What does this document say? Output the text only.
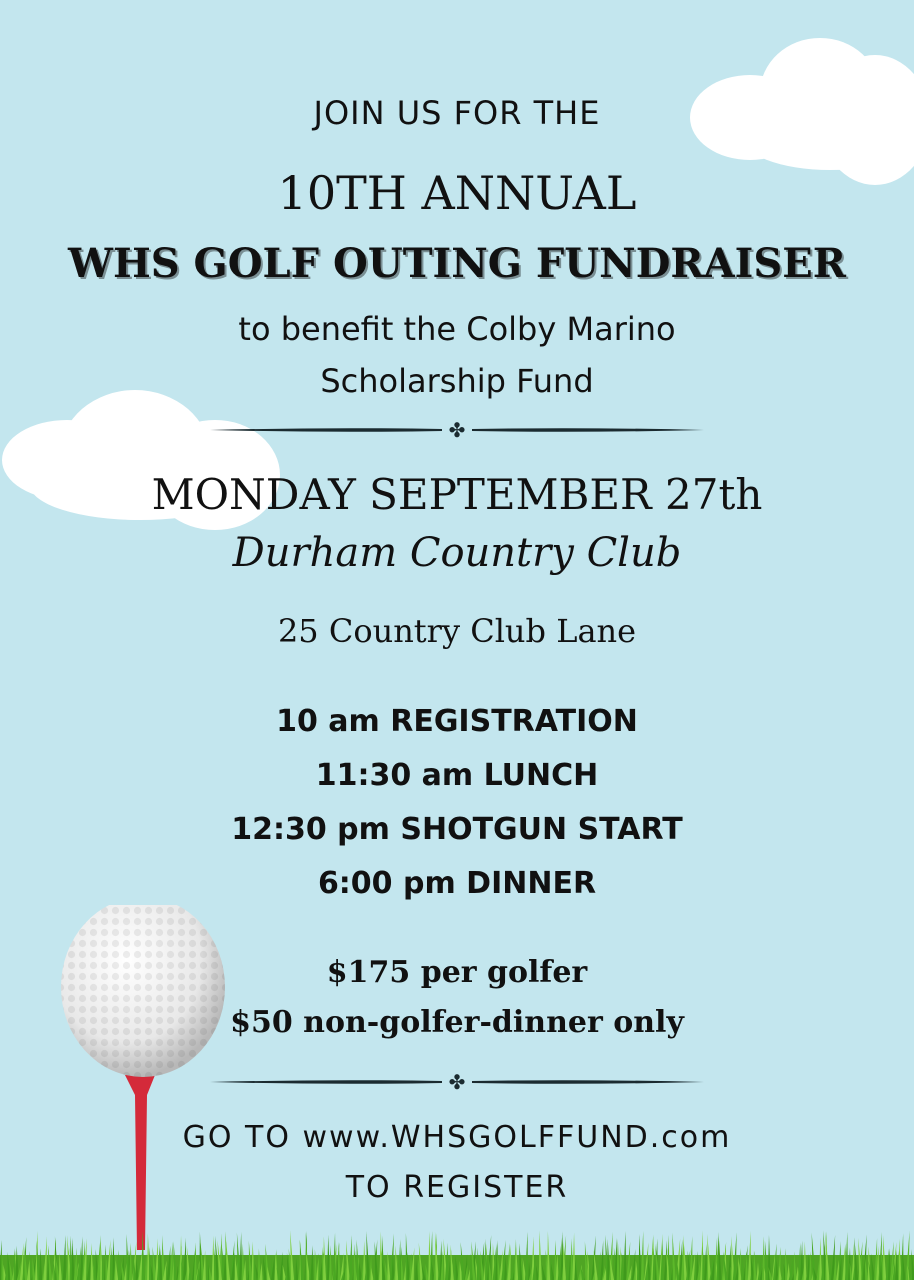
JOIN US FOR THE
10TH ANNUAL
WHS GOLF OUTING FUNDRAISER
to benefit the Colby Marino
Scholarship Fund
✤
MONDAY SEPTEMBER 27th
Durham Country Club
25 Country Club Lane
10 am REGISTRATION
11:30 am LUNCH
12:30 pm SHOTGUN START
6:00 pm DINNER
$175 per golfer
$50 non-golfer-dinner only
✤
GO TO www.WHSGOLFFUND.com
TO REGISTER
